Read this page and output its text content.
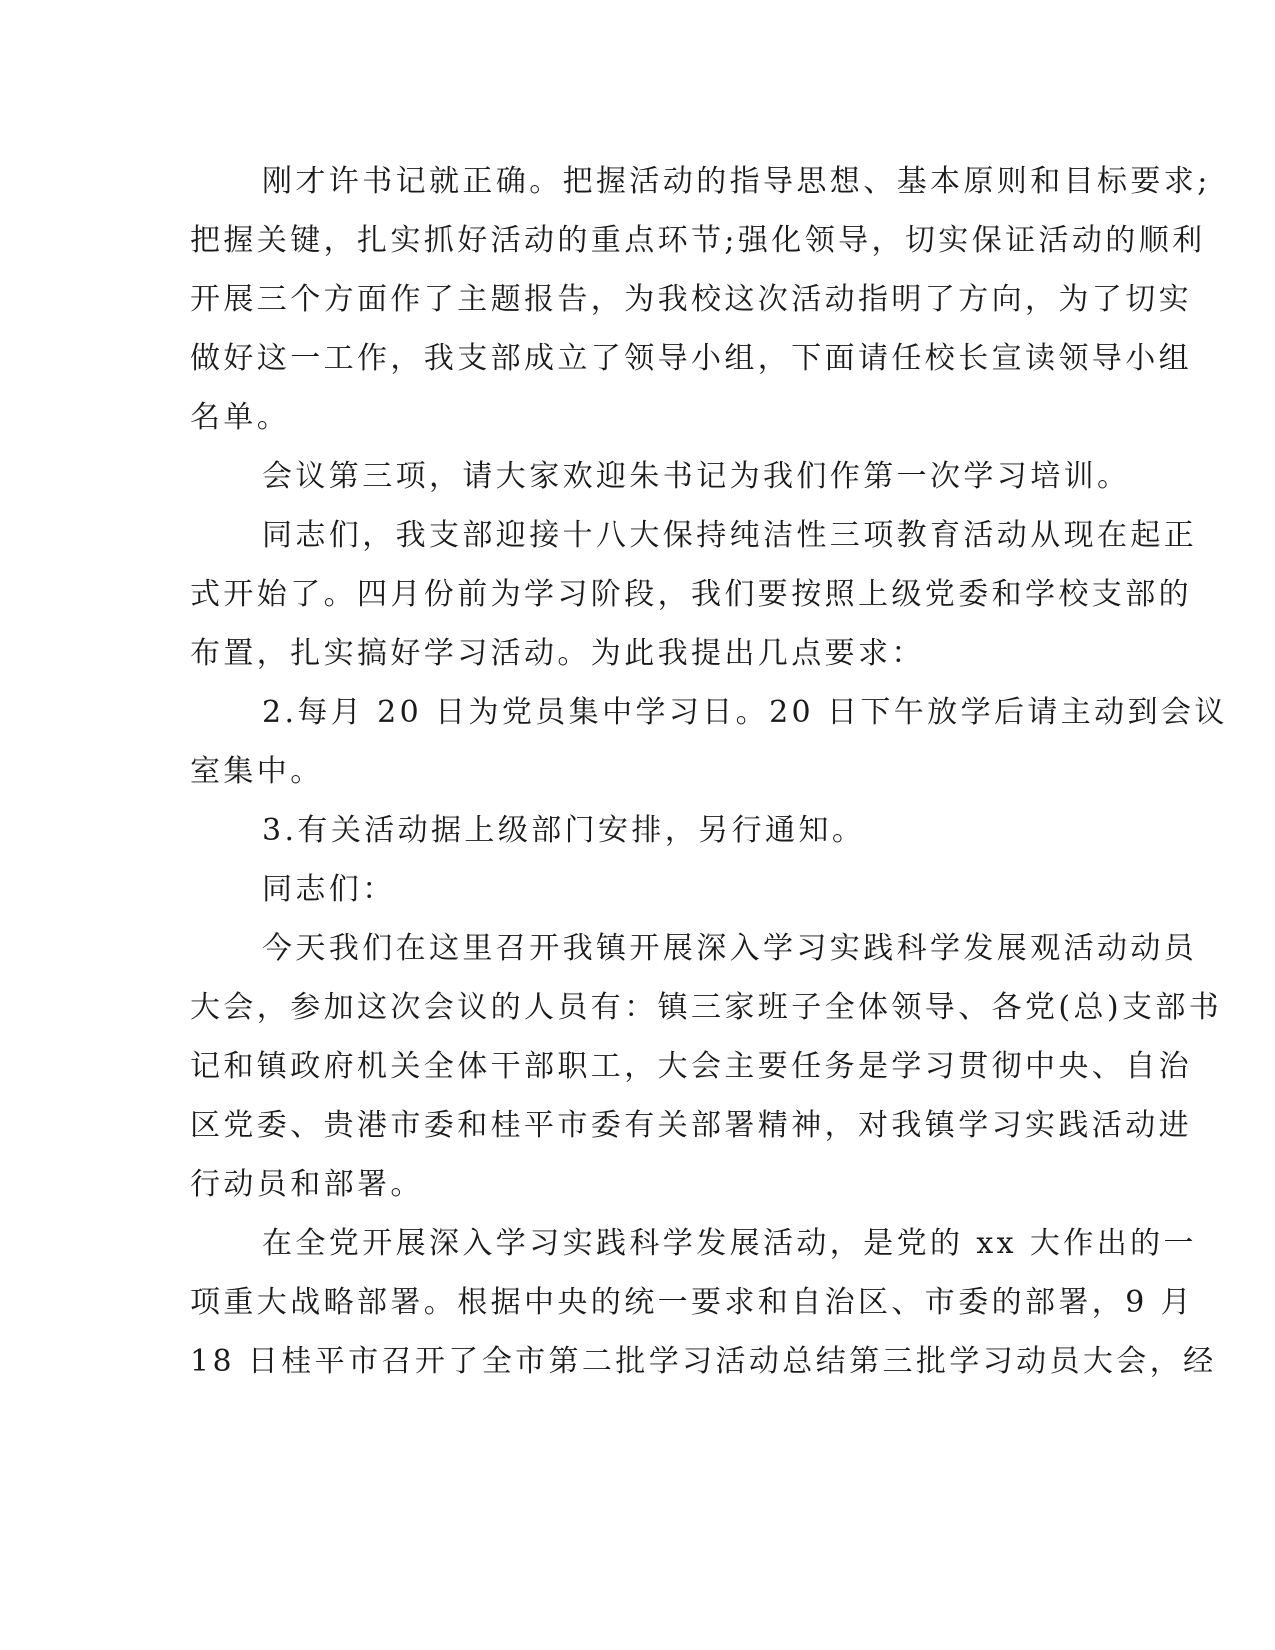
刚才许书记就正确。把握活动的指导思想、基本原则和目标要求;
把握关键，扎实抓好活动的重点环节;强化领导，切实保证活动的顺利
开展三个方面作了主题报告，为我校这次活动指明了方向，为了切实
做好这一工作，我支部成立了领导小组，下面请任校长宣读领导小组
名单。
会议第三项，请大家欢迎朱书记为我们作第一次学习培训。
同志们，我支部迎接十八大保持纯洁性三项教育活动从现在起正
式开始了。四月份前为学习阶段，我们要按照上级党委和学校支部的
布置，扎实搞好学习活动。为此我提出几点要求：
2.每月 20 日为党员集中学习日。20 日下午放学后请主动到会议
室集中。
3.有关活动据上级部门安排，另行通知。
同志们：
今天我们在这里召开我镇开展深入学习实践科学发展观活动动员
大会，参加这次会议的人员有：镇三家班子全体领导、各党(总)支部书
记和镇政府机关全体干部职工，大会主要任务是学习贯彻中央、自治
区党委、贵港市委和桂平市委有关部署精神，对我镇学习实践活动进
行动员和部署。
在全党开展深入学习实践科学发展活动，是党的 xx 大作出的一
项重大战略部署。根据中央的统一要求和自治区、市委的部署，9 月
18 日桂平市召开了全市第二批学习活动总结第三批学习动员大会，经
